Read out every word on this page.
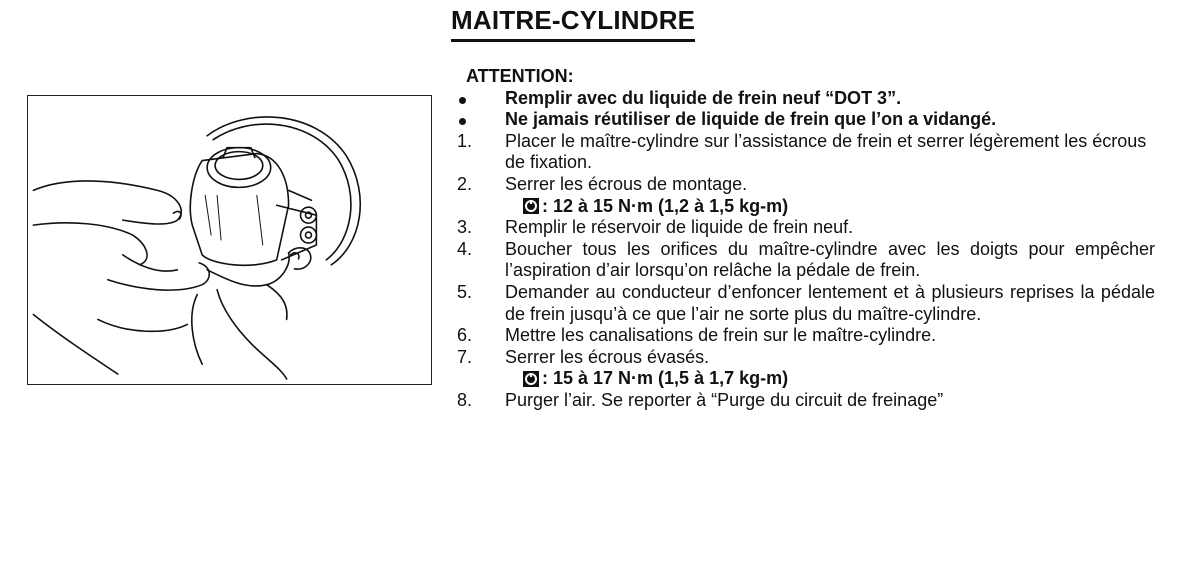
MAITRE-CYLINDRE
ATTENTION:
Remplir avec du liquide de frein neuf “DOT 3”.
Ne jamais réutiliser de liquide de frein que l’on a vidangé.
1.	Placer le maître-cylindre sur l’assistance de frein et serrer légèrement les écrous de fixation.
2.	Serrer les écrous de montage.
: 12 à 15 N·m (1,2 à 1,5 kg-m)
3.	Remplir le réservoir de liquide de frein neuf.
4.	Boucher tous les orifices du maître-cylindre avec les doigts pour empêcher l’aspiration d’air lorsqu’on relâche la pédale de frein.
5.	Demander au conducteur d’enfoncer lentement et à plusieurs reprises la pédale de frein jusqu’à ce que l’air ne sorte plus du maître-cylindre.
6.	Mettre les canalisations de frein sur le maître-cylindre.
7.	Serrer les écrous évasés.
: 15 à 17 N·m (1,5 à 1,7 kg-m)
8.	Purger l’air. Se reporter à “Purge du circuit de freinage”
